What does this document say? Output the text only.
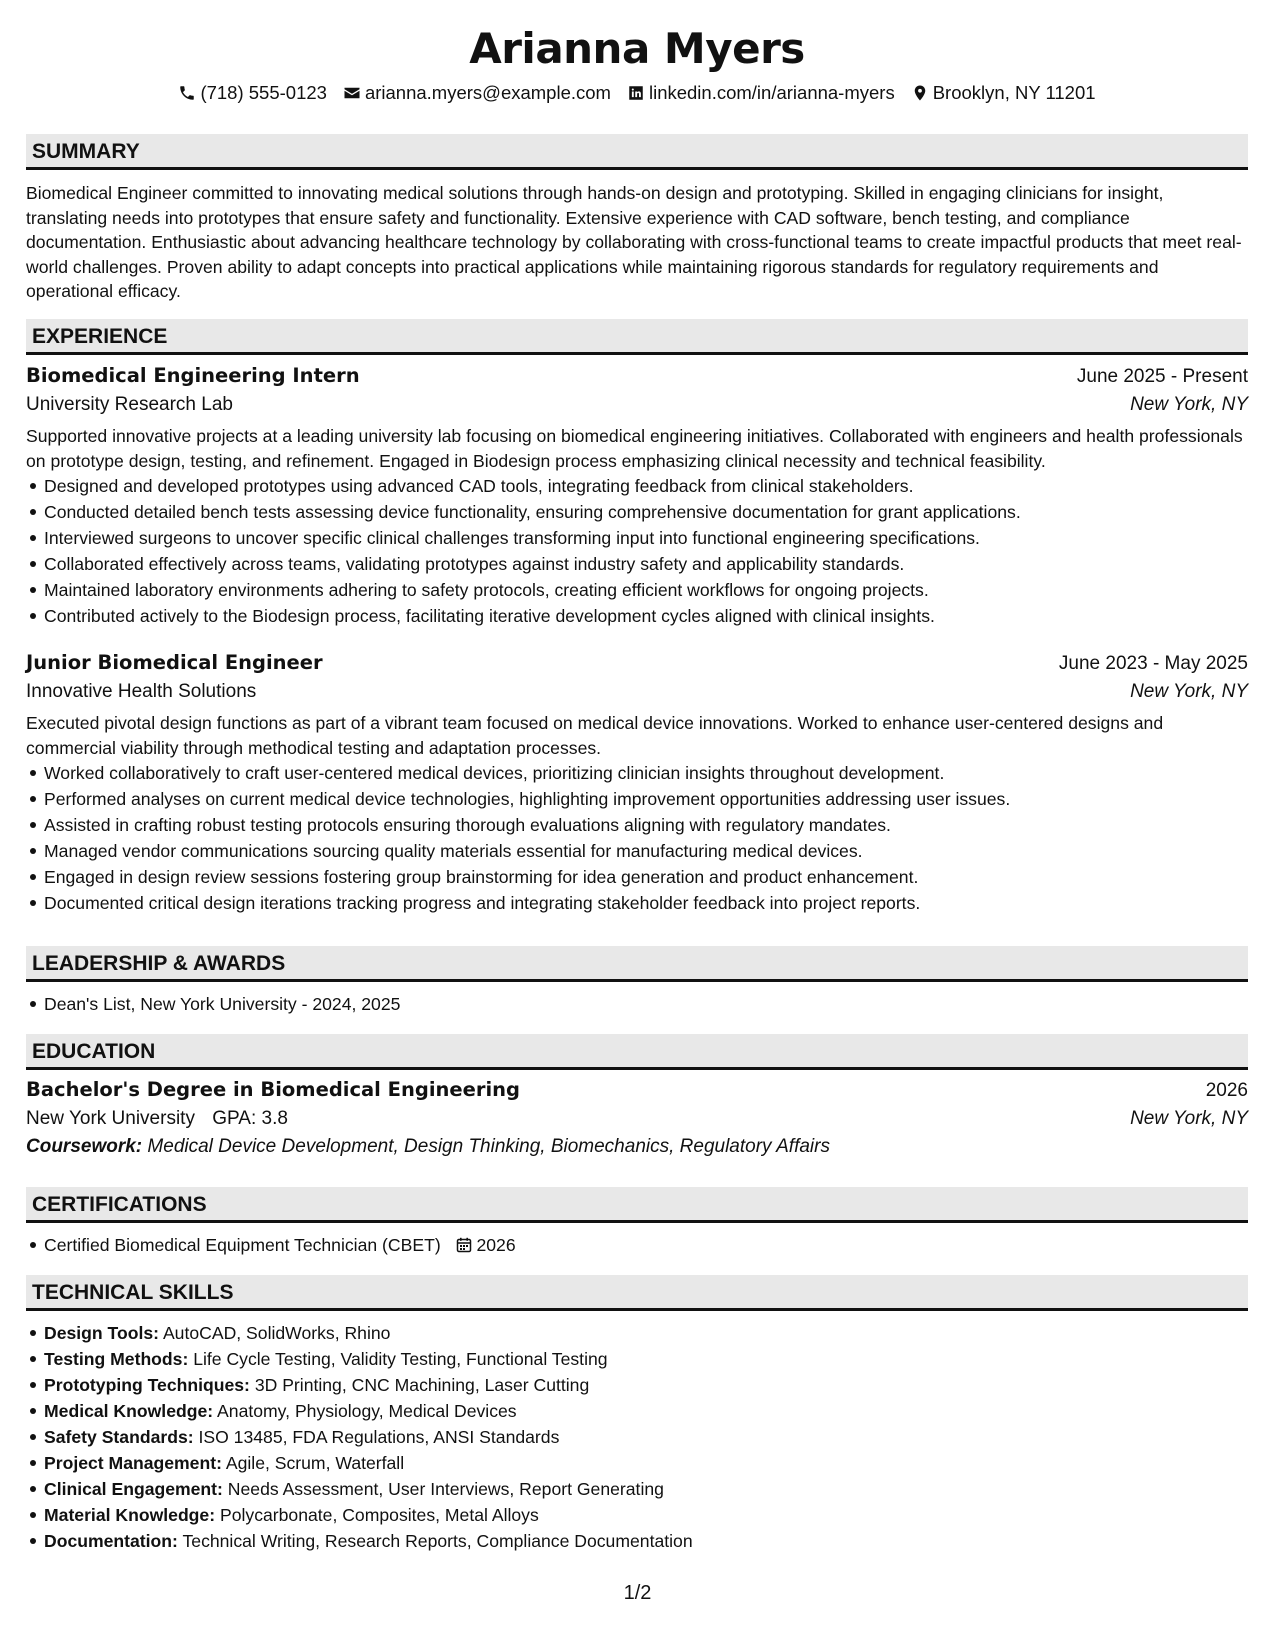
Arianna Myers
(718) 555-0123 arianna.myers@example.com linkedin.com/in/arianna-myers Brooklyn, NY 11201
SUMMARY

Biomedical Engineer committed to innovating medical solutions through hands-on design and prototyping. Skilled in engaging clinicians for insight, translating needs into prototypes that ensure safety and functionality. Extensive experience with CAD software, bench testing, and compliance documentation. Enthusiastic about advancing healthcare technology by collaborating with cross-functional teams to create impactful products that meet real-world challenges. Proven ability to adapt concepts into practical applications while maintaining rigorous standards for regulatory requirements and operational efficacy.

EXPERIENCE
Biomedical Engineering Intern	June 2025 - Present
University Research Lab	New York, NY

Supported innovative projects at a leading university lab focusing on biomedical engineering initiatives. Collaborated with engineers and health professionals on prototype design, testing, and refinement. Engaged in Biodesign process emphasizing clinical necessity and technical feasibility.

Designed and developed prototypes using advanced CAD tools, integrating feedback from clinical stakeholders.
Conducted detailed bench tests assessing device functionality, ensuring comprehensive documentation for grant applications.
Interviewed surgeons to uncover specific clinical challenges transforming input into functional engineering specifications.
Collaborated effectively across teams, validating prototypes against industry safety and applicability standards.
Maintained laboratory environments adhering to safety protocols, creating efficient workflows for ongoing projects.
Contributed actively to the Biodesign process, facilitating iterative development cycles aligned with clinical insights.
Junior Biomedical Engineer	June 2023 - May 2025
Innovative Health Solutions	New York, NY

Executed pivotal design functions as part of a vibrant team focused on medical device innovations. Worked to enhance user-centered designs and commercial viability through methodical testing and adaptation processes.

Worked collaboratively to craft user-centered medical devices, prioritizing clinician insights throughout development.
Performed analyses on current medical device technologies, highlighting improvement opportunities addressing user issues.
Assisted in crafting robust testing protocols ensuring thorough evaluations aligning with regulatory mandates.
Managed vendor communications sourcing quality materials essential for manufacturing medical devices.
Engaged in design review sessions fostering group brainstorming for idea generation and product enhancement.
Documented critical design iterations tracking progress and integrating stakeholder feedback into project reports.
LEADERSHIP & AWARDS
Dean's List, New York University - 2024, 2025
EDUCATION
Bachelor's Degree in Biomedical Engineering	2026
New York University GPA: 3.8	New York, NY
Coursework: Medical Device Development, Design Thinking, Biomechanics, Regulatory Affairs
CERTIFICATIONS
Certified Biomedical Equipment Technician (CBET) 2026
TECHNICAL SKILLS
Design Tools: AutoCAD, SolidWorks, Rhino
Testing Methods: Life Cycle Testing, Validity Testing, Functional Testing
Prototyping Techniques: 3D Printing, CNC Machining, Laser Cutting
Medical Knowledge: Anatomy, Physiology, Medical Devices
Safety Standards: ISO 13485, FDA Regulations, ANSI Standards
Project Management: Agile, Scrum, Waterfall
Clinical Engagement: Needs Assessment, User Interviews, Report Generating
Material Knowledge: Polycarbonate, Composites, Metal Alloys
Documentation: Technical Writing, Research Reports, Compliance Documentation
1/2
